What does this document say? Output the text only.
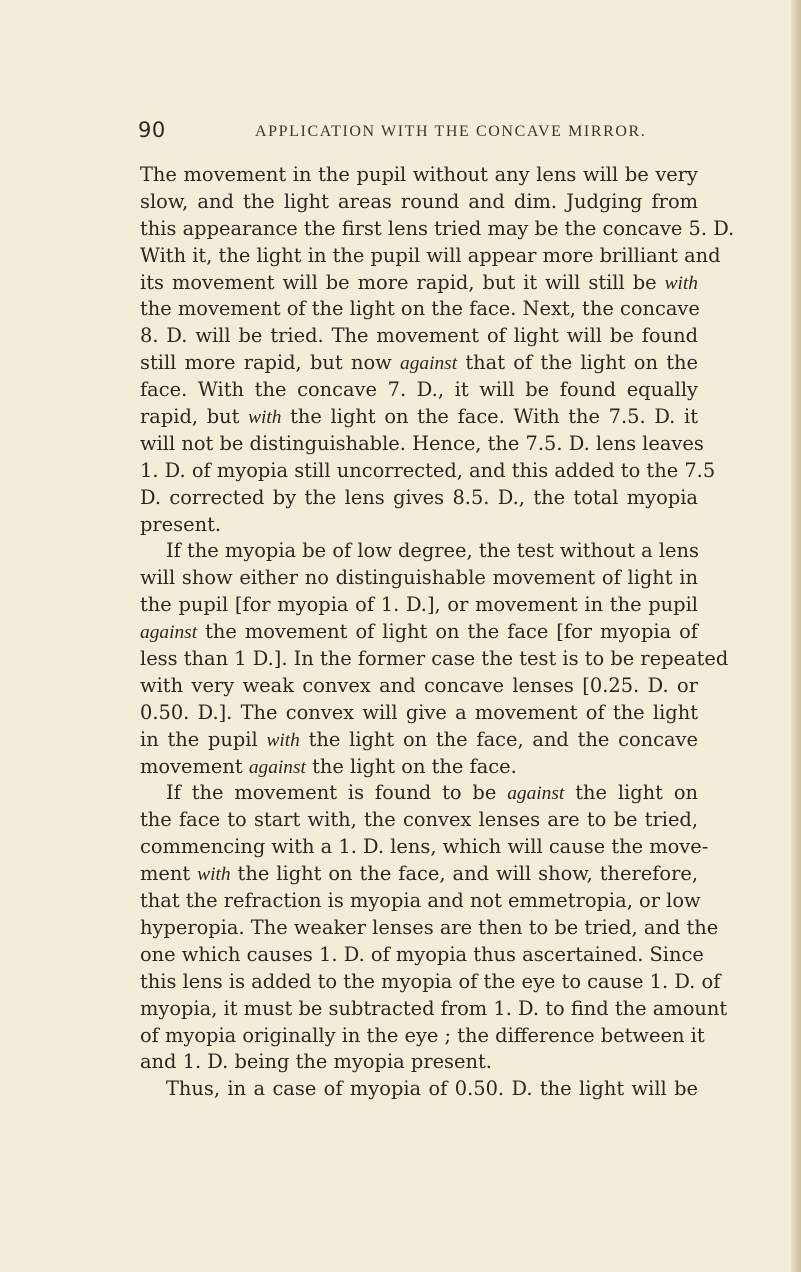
90	APPLICATION WITH THE CONCAVE MIRROR.
The movement in the pupil without any lens will be very
slow, and the light areas round and dim. Judging from
this appearance the first lens tried may be the concave 5. D.
With it, the light in the pupil will appear more brilliant and
its movement will be more rapid, but it will still be with
the movement of the light on the face. Next, the concave
8. D. will be tried. The movement of light will be found
still more rapid, but now against that of the light on the
face. With the concave 7. D., it will be found equally
rapid, but with the light on the face. With the 7.5. D. it
will not be distinguishable. Hence, the 7.5. D. lens leaves
1. D. of myopia still uncorrected, and this added to the 7.5
D. corrected by the lens gives 8.5. D., the total myopia
present.
If the myopia be of low degree, the test without a lens
will show either no distinguishable movement of light in
the pupil [for myopia of 1. D.], or movement in the pupil
against the movement of light on the face [for myopia of
less than 1 D.]. In the former case the test is to be repeated
with very weak convex and concave lenses [0.25. D. or
0.50. D.]. The convex will give a movement of the light
in the pupil with the light on the face, and the concave
movement against the light on the face.
If the movement is found to be against the light on
the face to start with, the convex lenses are to be tried,
commencing with a 1. D. lens, which will cause the move-
ment with the light on the face, and will show, therefore,
that the refraction is myopia and not emmetropia, or low
hyperopia. The weaker lenses are then to be tried, and the
one which causes 1. D. of myopia thus ascertained. Since
this lens is added to the myopia of the eye to cause 1. D. of
myopia, it must be subtracted from 1. D. to find the amount
of myopia originally in the eye ; the difference between it
and 1. D. being the myopia present.
Thus, in a case of myopia of 0.50. D. the light will be
